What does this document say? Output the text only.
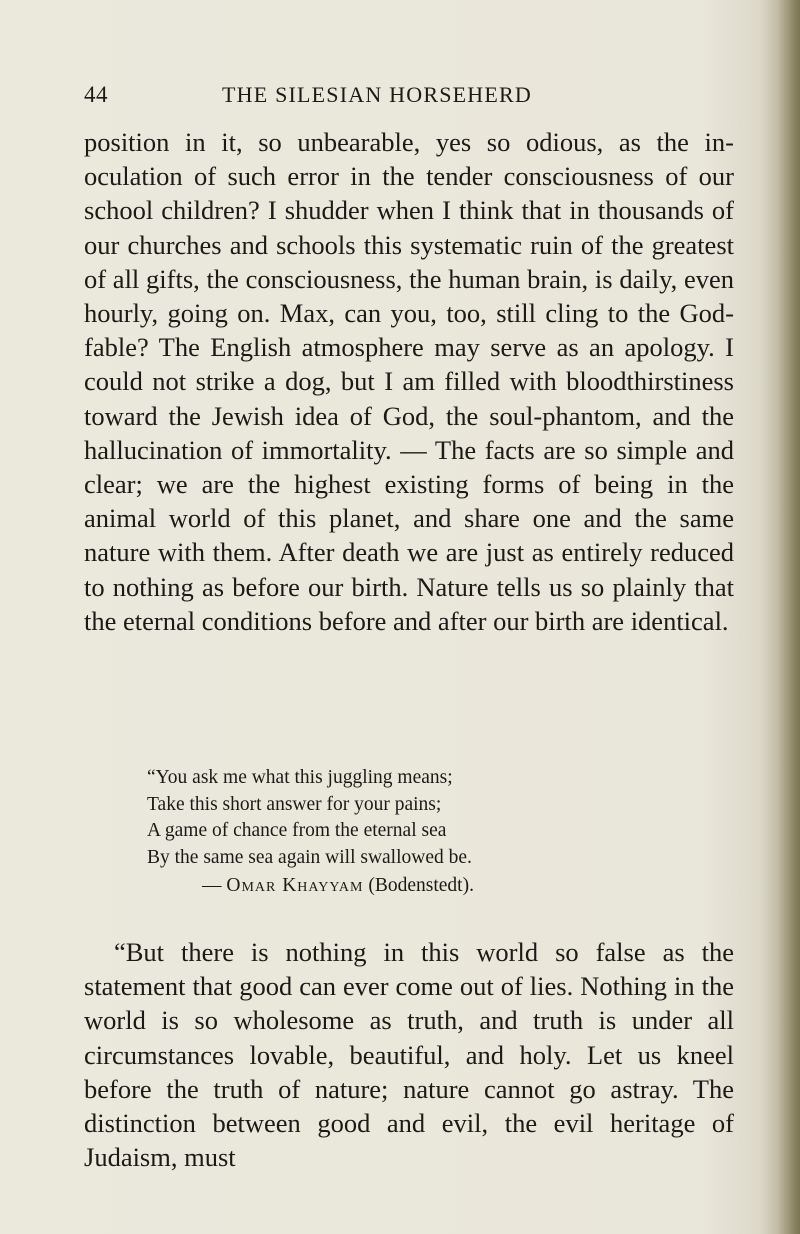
44	THE SILESIAN HORSEHERD

position in it, so unbearable, yes so odious, as the in-oculation of such error in the tender consciousness of our school children? I shudder when I think that in thousands of our churches and schools this systematic ruin of the greatest of all gifts, the consciousness, the human brain, is daily, even hourly, going on. Max, can you, too, still cling to the God-fable? The English atmosphere may serve as an apology. I could not strike a dog, but I am filled with bloodthirstiness toward the Jewish idea of God, the soul-phantom, and the hallucination of immortality. — The facts are so simple and clear; we are the highest existing forms of being in the animal world of this planet, and share one and the same nature with them. After death we are just as entirely reduced to nothing as before our birth. Nature tells us so plainly that the eternal conditions before and after our birth are identical.

“You ask me what this juggling means;
Take this short answer for your pains;
A game of chance from the eternal sea
By the same sea again will swallowed be.
— Omar Khayyam (Bodenstedt).

“But there is nothing in this world so false as the statement that good can ever come out of lies. Nothing in the world is so wholesome as truth, and truth is under all circumstances lovable, beautiful, and holy. Let us kneel before the truth of nature; nature cannot go astray. The distinction between good and evil, the evil heritage of Judaism, must
